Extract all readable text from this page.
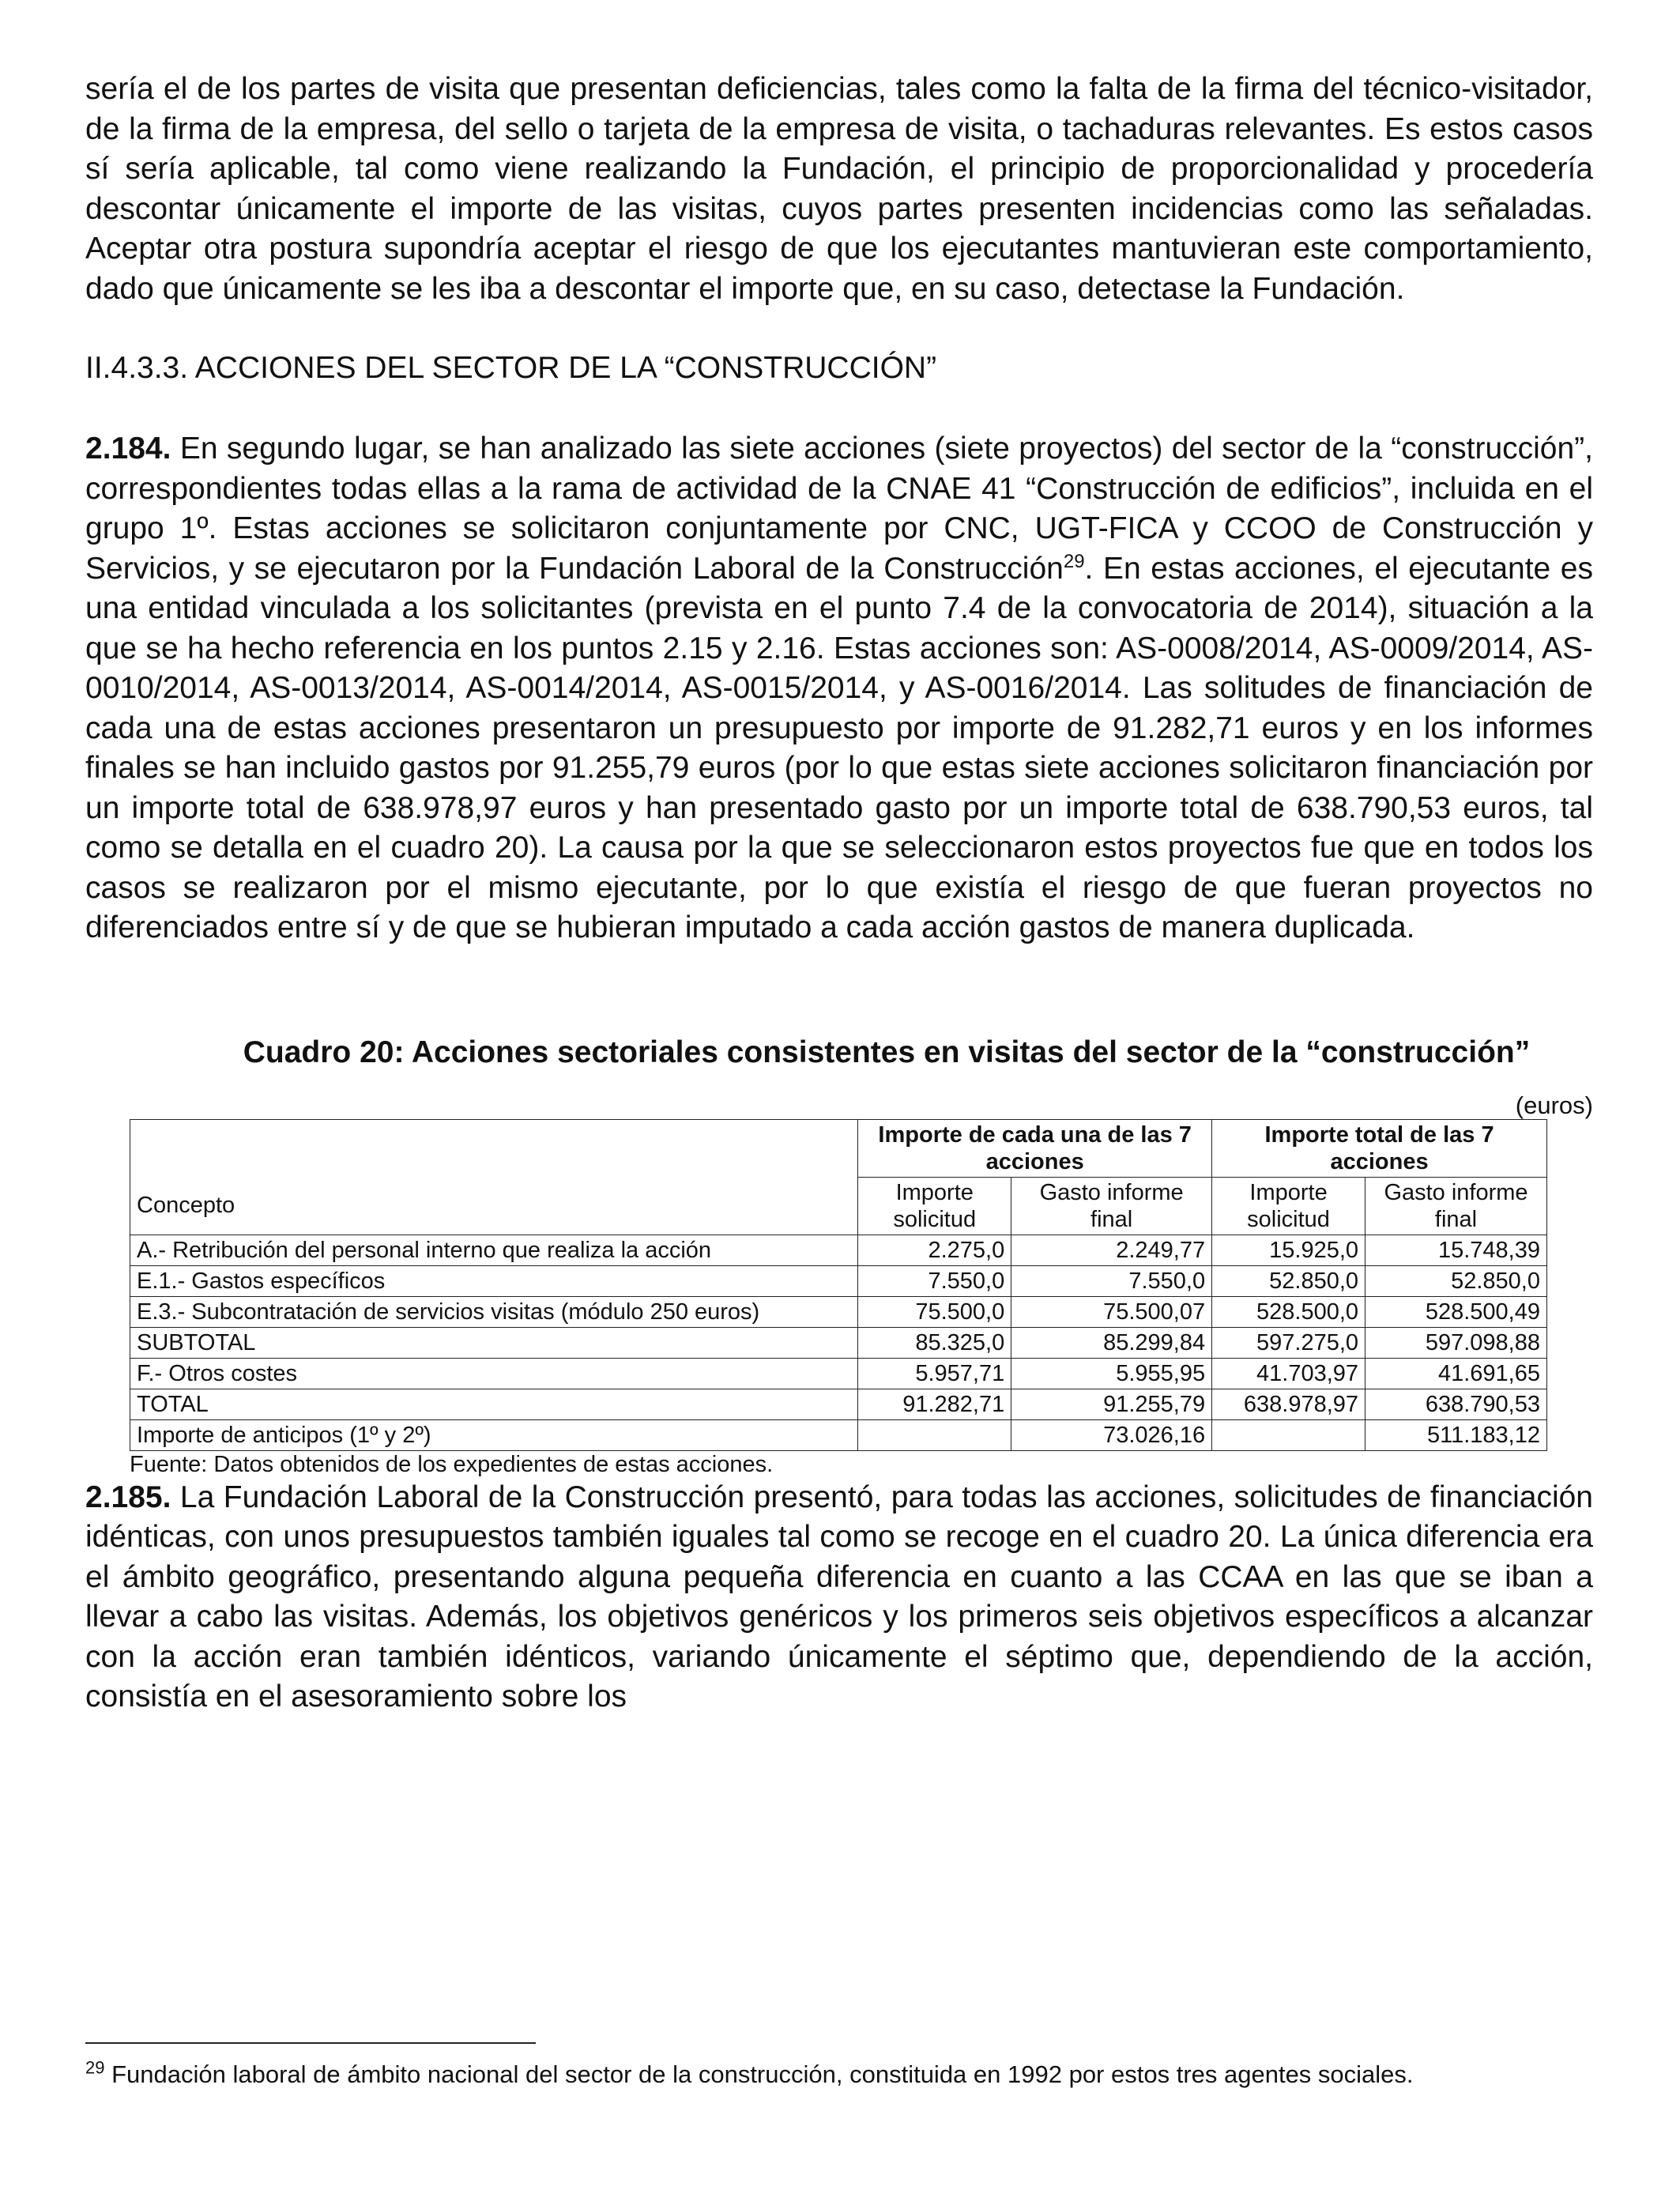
sería el de los partes de visita que presentan deficiencias, tales como la falta de la firma del técnico-visitador, de la firma de la empresa, del sello o tarjeta de la empresa de visita, o tachaduras relevantes. Es estos casos sí sería aplicable, tal como viene realizando la Fundación, el principio de proporcionalidad y procedería descontar únicamente el importe de las visitas, cuyos partes presenten incidencias como las señaladas. Aceptar otra postura supondría aceptar el riesgo de que los ejecutantes mantuvieran este comportamiento, dado que únicamente se les iba a descontar el importe que, en su caso, detectase la Fundación.

II.4.3.3. ACCIONES DEL SECTOR DE LA “CONSTRUCCIÓN”

2.184. En segundo lugar, se han analizado las siete acciones (siete proyectos) del sector de la “construcción”, correspondientes todas ellas a la rama de actividad de la CNAE 41 “Construcción de edificios”, incluida en el grupo 1º. Estas acciones se solicitaron conjuntamente por CNC, UGT-FICA y CCOO de Construcción y Servicios, y se ejecutaron por la Fundación Laboral de la Construcción$^{29}$. En estas acciones, el ejecutante es una entidad vinculada a los solicitantes (prevista en el punto 7.4 de la convocatoria de 2014), situación a la que se ha hecho referencia en los puntos 2.15 y 2.16. Estas acciones son: AS-0008/2014, AS-0009/2014, AS-0010/2014, AS-0013/2014, AS-0014/2014, AS-0015/2014, y AS-0016/2014. Las solitudes de financiación de cada una de estas acciones presentaron un presupuesto por importe de 91.282,71 euros y en los informes finales se han incluido gastos por 91.255,79 euros (por lo que estas siete acciones solicitaron financiación por un importe total de 638.978,97 euros y han presentado gasto por un importe total de 638.790,53 euros, tal como se detalla en el cuadro 20). La causa por la que se seleccionaron estos proyectos fue que en todos los casos se realizaron por el mismo ejecutante, por lo que existía el riesgo de que fueran proyectos no diferenciados entre sí y de que se hubieran imputado a cada acción gastos de manera duplicada.

Cuadro 20: Acciones sectoriales consistentes en visitas del sector de la “construcción”
(euros)
Concepto	Importe de cada una de las 7 acciones		Importe total de las 7 acciones	
	Importe solicitud	Gasto informe final	Importe solicitud	Gasto informe final
A.- Retribución del personal interno que realiza la acción	2.275,0	2.249,77	15.925,0	15.748,39
E.1.- Gastos específicos	7.550,0	7.550,0	52.850,0	52.850,0
E.3.- Subcontratación de servicios visitas (módulo 250 euros)	75.500,0	75.500,07	528.500,0	528.500,49
SUBTOTAL	85.325,0	85.299,84	597.275,0	597.098,88
F.- Otros costes	5.957,71	5.955,95	41.703,97	41.691,65
TOTAL	91.282,71	91.255,79	638.978,97	638.790,53
Importe de anticipos (1º y 2º)		73.026,16		511.183,12
Fuente: Datos obtenidos de los expedientes de estas acciones.

2.185. La Fundación Laboral de la Construcción presentó, para todas las acciones, solicitudes de financiación idénticas, con unos presupuestos también iguales tal como se recoge en el cuadro 20. La única diferencia era el ámbito geográfico, presentando alguna pequeña diferencia en cuanto a las CCAA en las que se iban a llevar a cabo las visitas. Además, los objetivos genéricos y los primeros seis objetivos específicos a alcanzar con la acción eran también idénticos, variando únicamente el séptimo que, dependiendo de la acción, consistía en el asesoramiento sobre los

$^{29}$ Fundación laboral de ámbito nacional del sector de la construcción, constituida en 1992 por estos tres agentes sociales.
